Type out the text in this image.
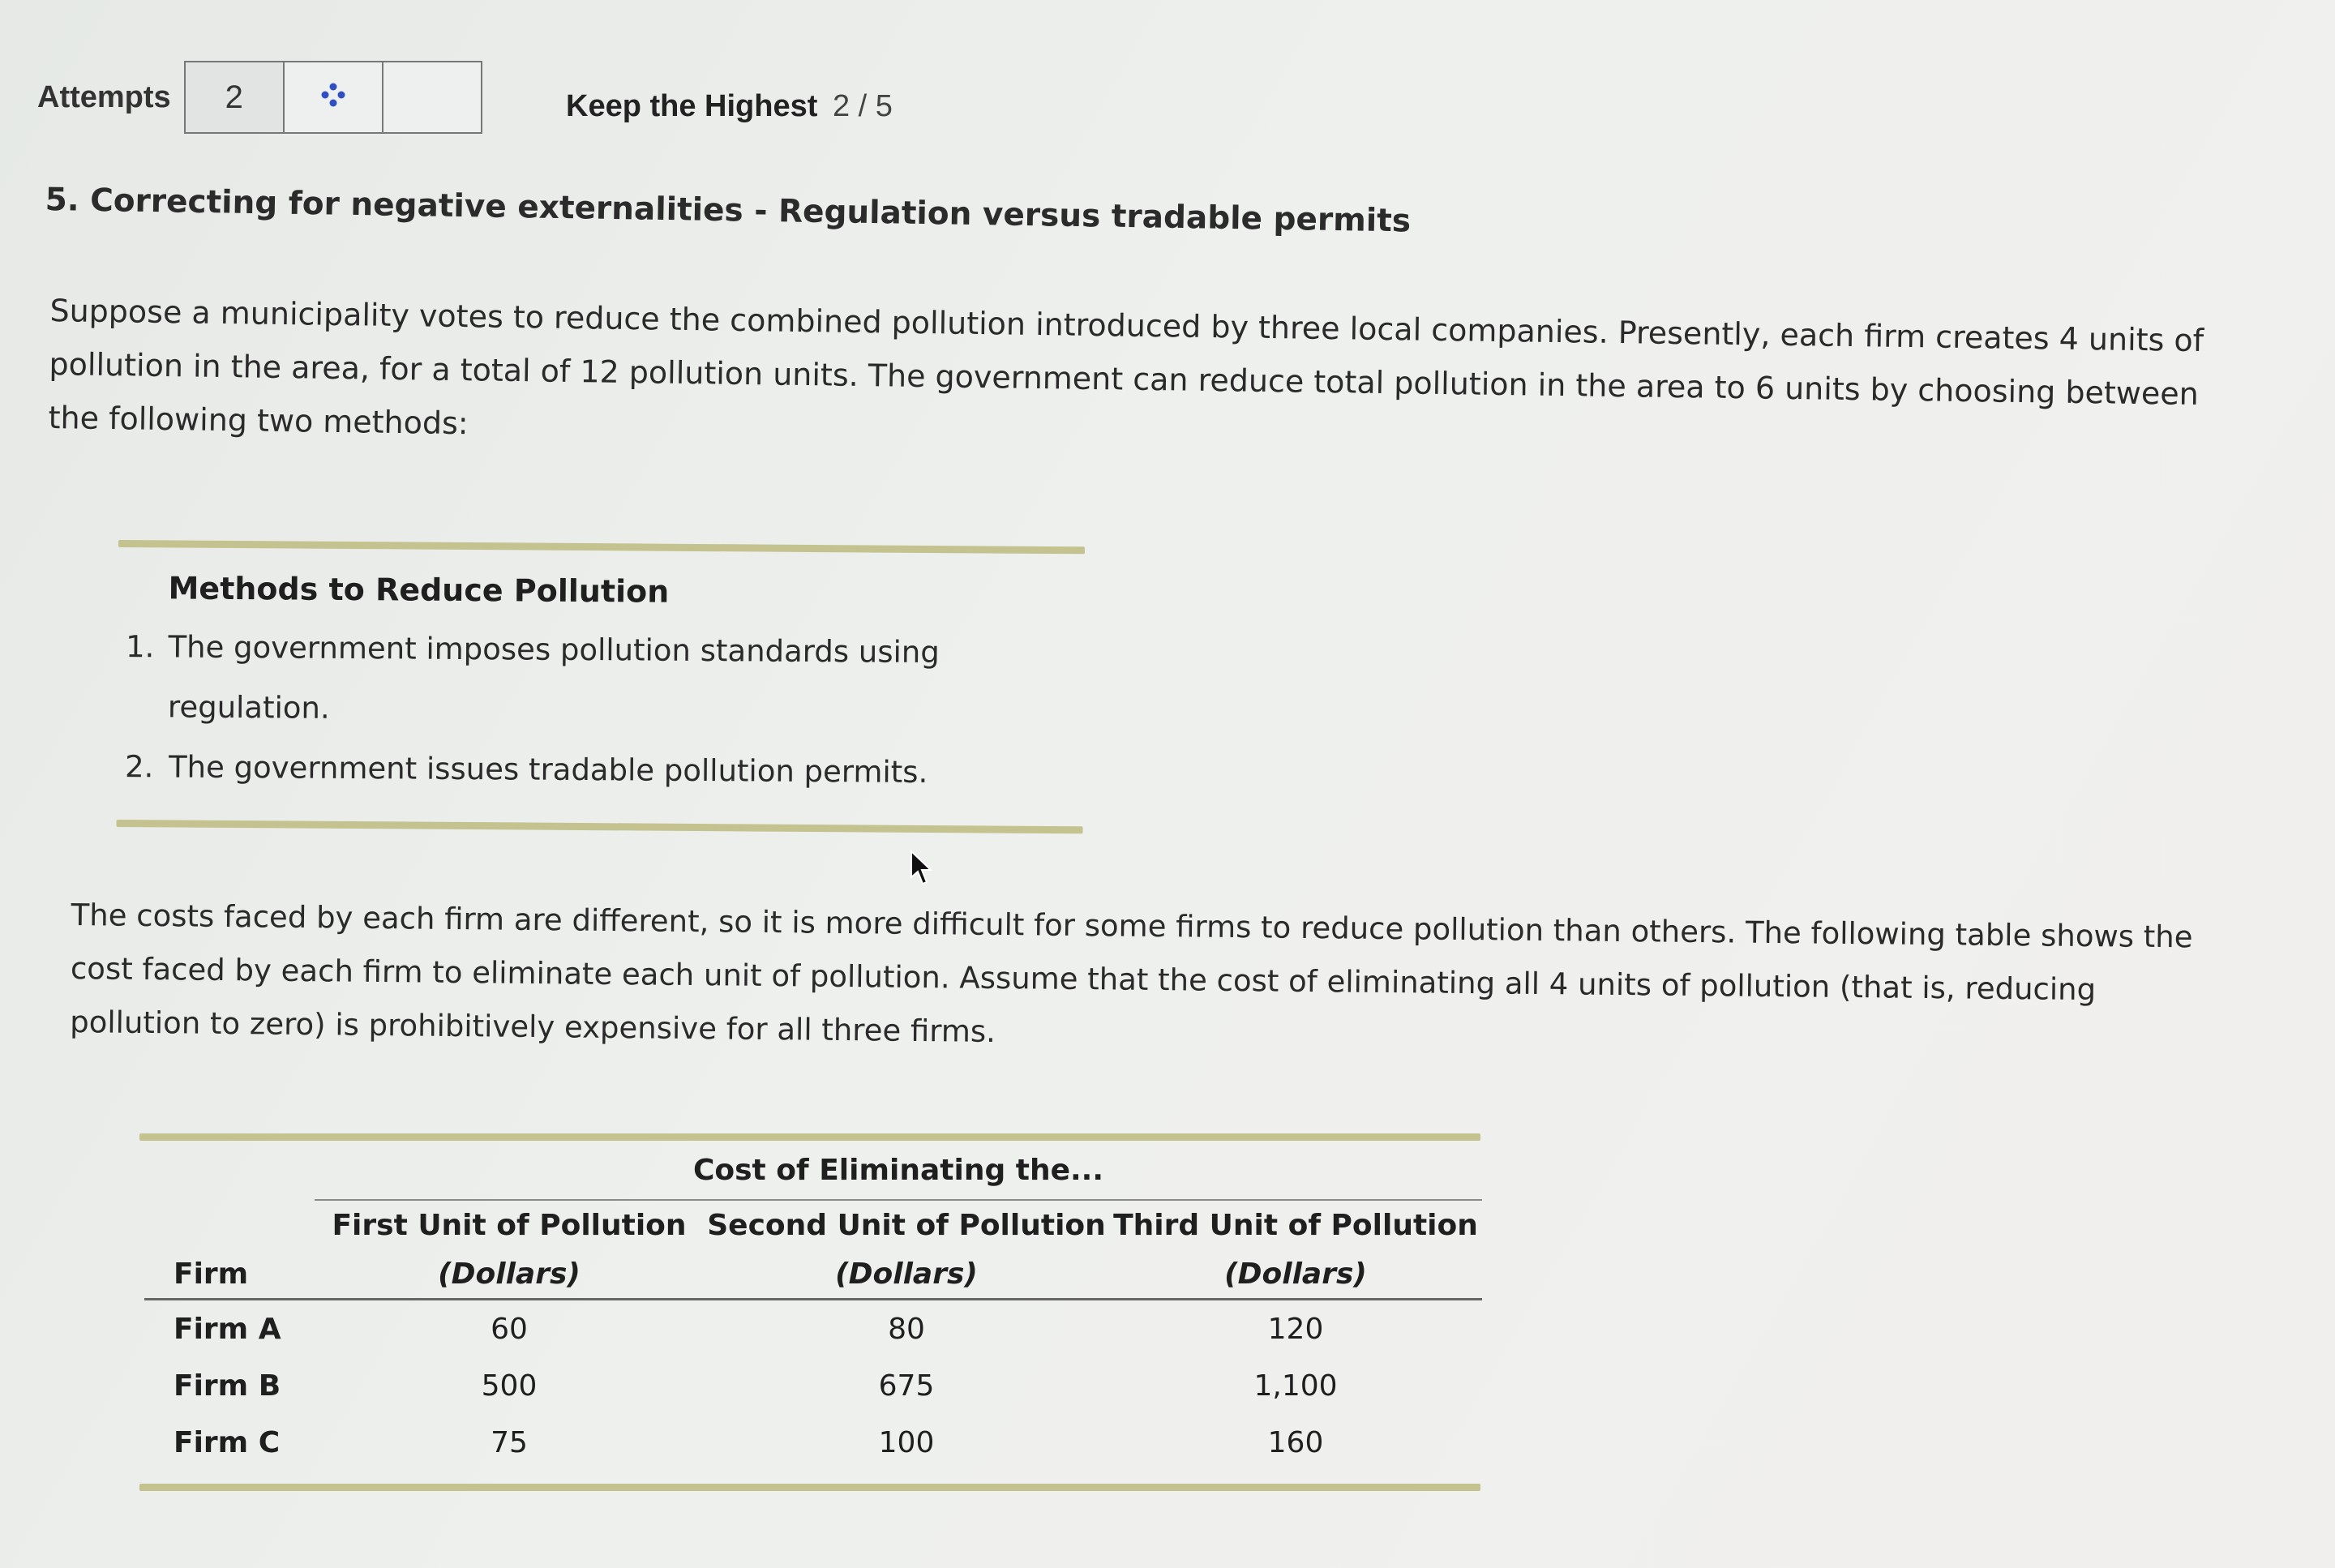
Attempts	2	Keep the Highest 2 / 5
5. Correcting for negative externalities - Regulation versus tradable permits

Suppose a municipality votes to reduce the combined pollution introduced by three local companies. Presently, each firm creates 4 units of pollution in the area, for a total of 12 pollution units. The government can reduce total pollution in the area to 6 units by choosing between the following two methods:

Methods to Reduce Pollution
1. The government imposes pollution standards using regulation.
2. The government issues tradable pollution permits.

The costs faced by each firm are different, so it is more difficult for some firms to reduce pollution than others. The following table shows the cost faced by each firm to eliminate each unit of pollution. Assume that the cost of eliminating all 4 units of pollution (that is, reducing pollution to zero) is prohibitively expensive for all three firms.

	Cost of Eliminating the...		
	First Unit of Pollution	Second Unit of Pollution	Third Unit of Pollution
Firm	(Dollars)	(Dollars)	(Dollars)
Firm A	60	80	120
Firm B	500	675	1,100
Firm C	75	100	160
